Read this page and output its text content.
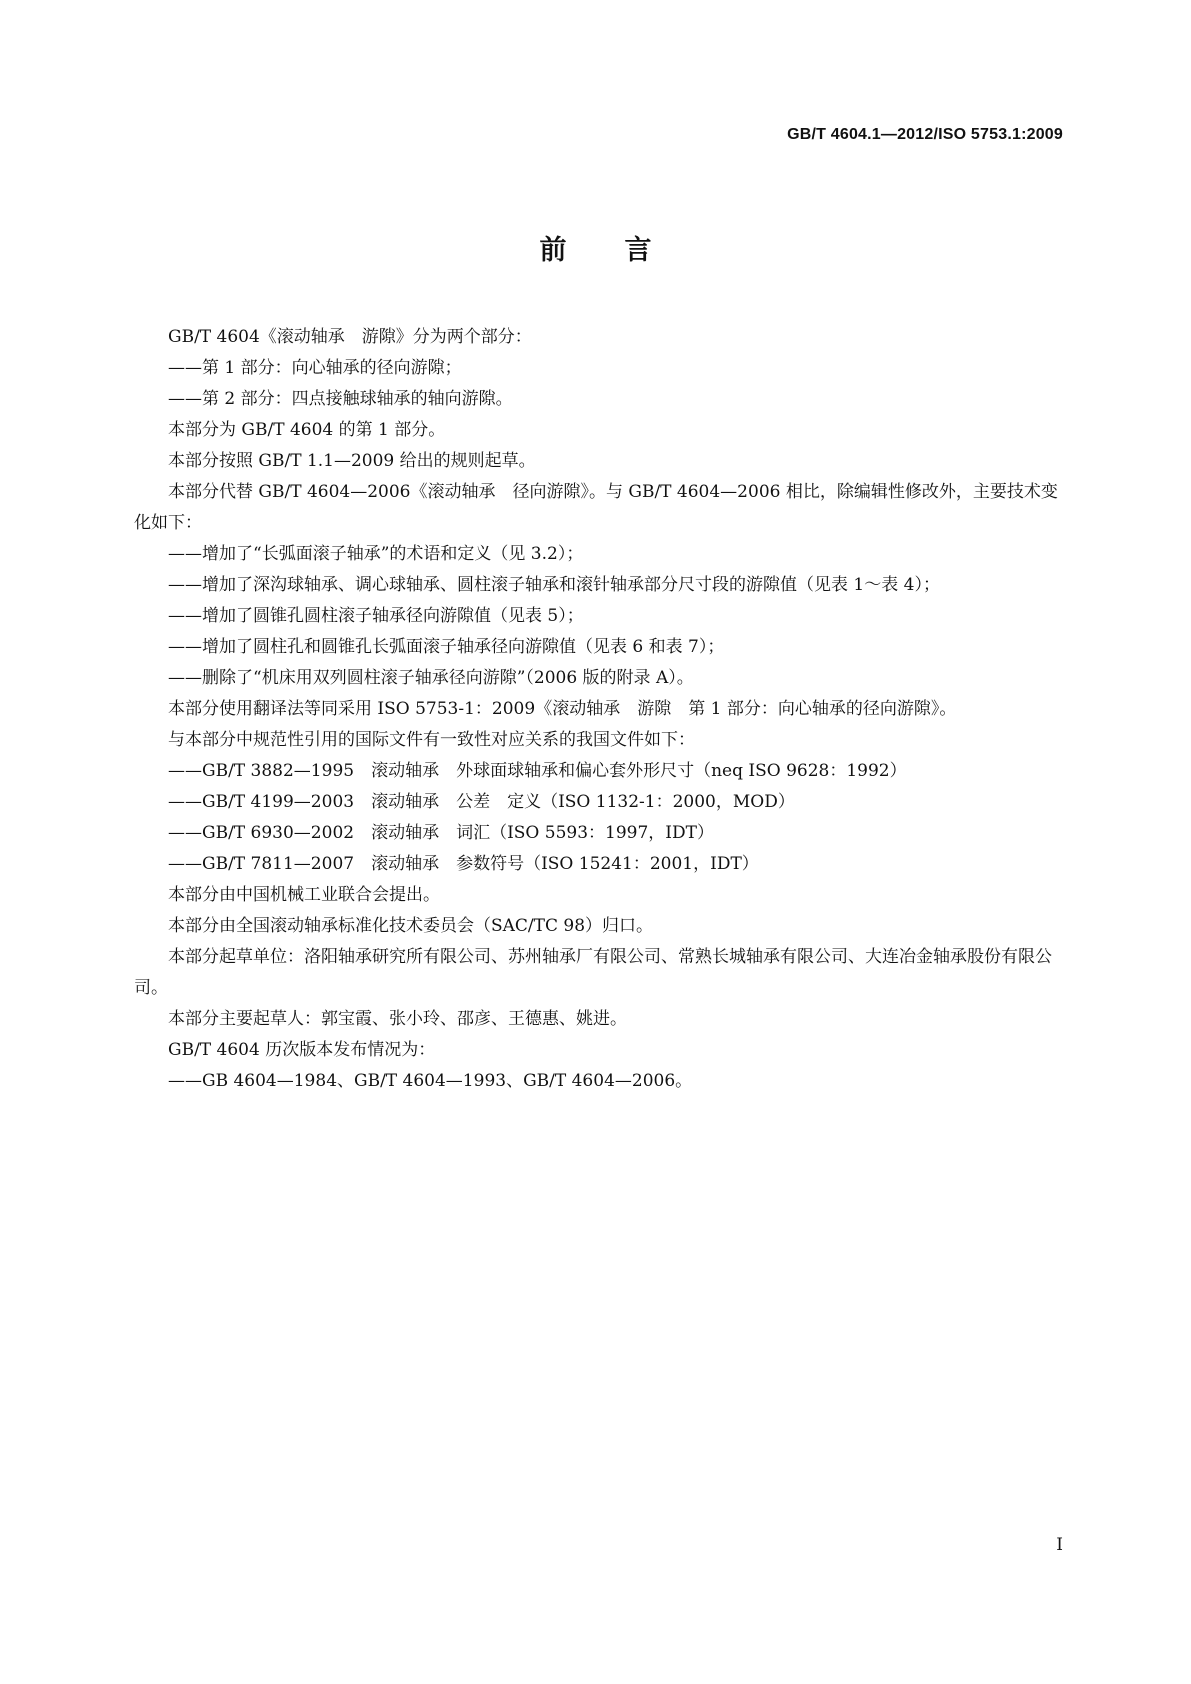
GB/T 4604.1—2012/ISO 5753.1:2009
前言

GB/T 4604《滚动轴承　游隙》分为两个部分：

——第 1 部分：向心轴承的径向游隙；

——第 2 部分：四点接触球轴承的轴向游隙。

本部分为 GB/T 4604 的第 1 部分。

本部分按照 GB/T 1.1—2009 给出的规则起草。

本部分代替 GB/T 4604—2006《滚动轴承　径向游隙》。与 GB/T 4604—2006 相比，除编辑性修改外，主要技术变化如下：

——增加了“长弧面滚子轴承”的术语和定义（见 3.2）；

——增加了深沟球轴承、调心球轴承、圆柱滚子轴承和滚针轴承部分尺寸段的游隙值（见表 1～表 4）；

——增加了圆锥孔圆柱滚子轴承径向游隙值（见表 5）；

——增加了圆柱孔和圆锥孔长弧面滚子轴承径向游隙值（见表 6 和表 7）；

——删除了“机床用双列圆柱滚子轴承径向游隙”（2006 版的附录 A）。

本部分使用翻译法等同采用 ISO 5753-1：2009《滚动轴承　游隙　第 1 部分：向心轴承的径向游隙》。

与本部分中规范性引用的国际文件有一致性对应关系的我国文件如下：

——GB/T 3882—1995　滚动轴承　外球面球轴承和偏心套外形尺寸（neq ISO 9628：1992）

——GB/T 4199—2003　滚动轴承　公差　定义（ISO 1132-1：2000，MOD）

——GB/T 6930—2002　滚动轴承　词汇（ISO 5593：1997，IDT）

——GB/T 7811—2007　滚动轴承　参数符号（ISO 15241：2001，IDT）

本部分由中国机械工业联合会提出。

本部分由全国滚动轴承标准化技术委员会（SAC/TC 98）归口。

本部分起草单位：洛阳轴承研究所有限公司、苏州轴承厂有限公司、常熟长城轴承有限公司、大连冶金轴承股份有限公司。

本部分主要起草人：郭宝霞、张小玲、邵彦、王德惠、姚进。

GB/T 4604 历次版本发布情况为：

——GB 4604—1984、GB/T 4604—1993、GB/T 4604—2006。

I
